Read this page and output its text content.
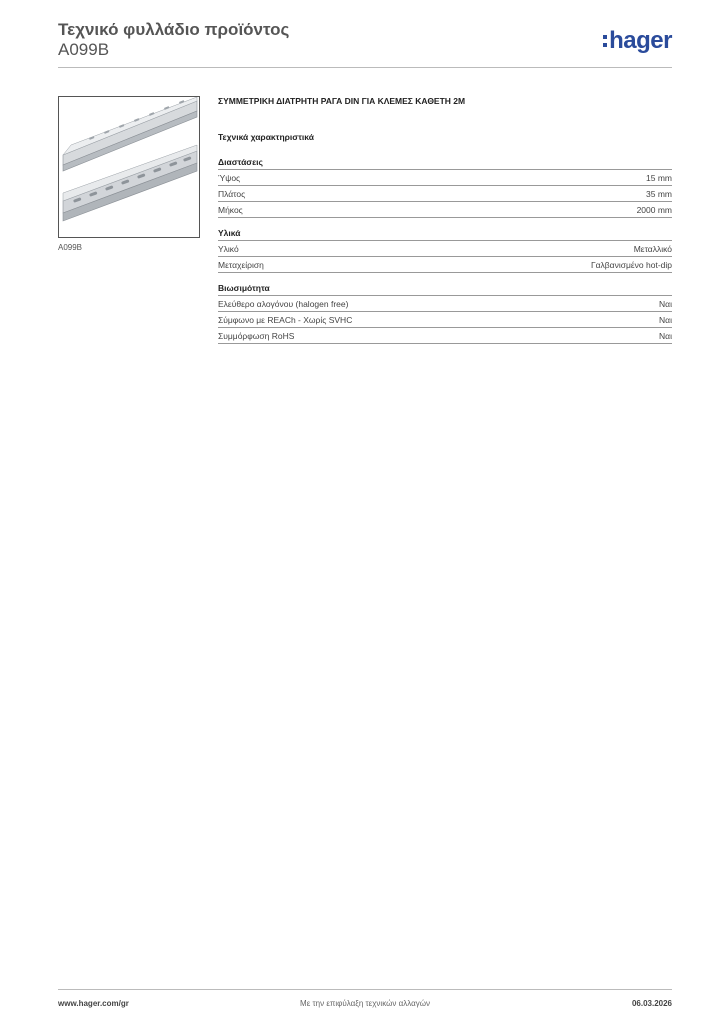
Τεχνικό φυλλάδιο προϊόντος
A099B	hager
A099B
ΣΥΜΜΕΤΡΙΚΗ ΔΙΑΤΡΗΤΗ ΡΑΓΑ DIN ΓΙΑ ΚΛΕΜΕΣ ΚΑΘΕΤΗ 2Μ
Τεχνικά χαρακτηριστικά
Διαστάσεις
Ύψος	15 mm
Πλάτος	35 mm
Μήκος	2000 mm
Υλικά
Υλικό	Μεταλλικό
Μεταχείριση	Γαλβανισμένο hot-dip
Βιωσιμότητα
Ελεύθερο αλογόνου (halogen free)	Ναι
Σύμφωνο με REACh - Χωρίς SVHC	Ναι
Συμμόρφωση RoHS	Ναι
www.hager.com/gr	Με την επιφύλαξη τεχνικών αλλαγών	06.03.2026
